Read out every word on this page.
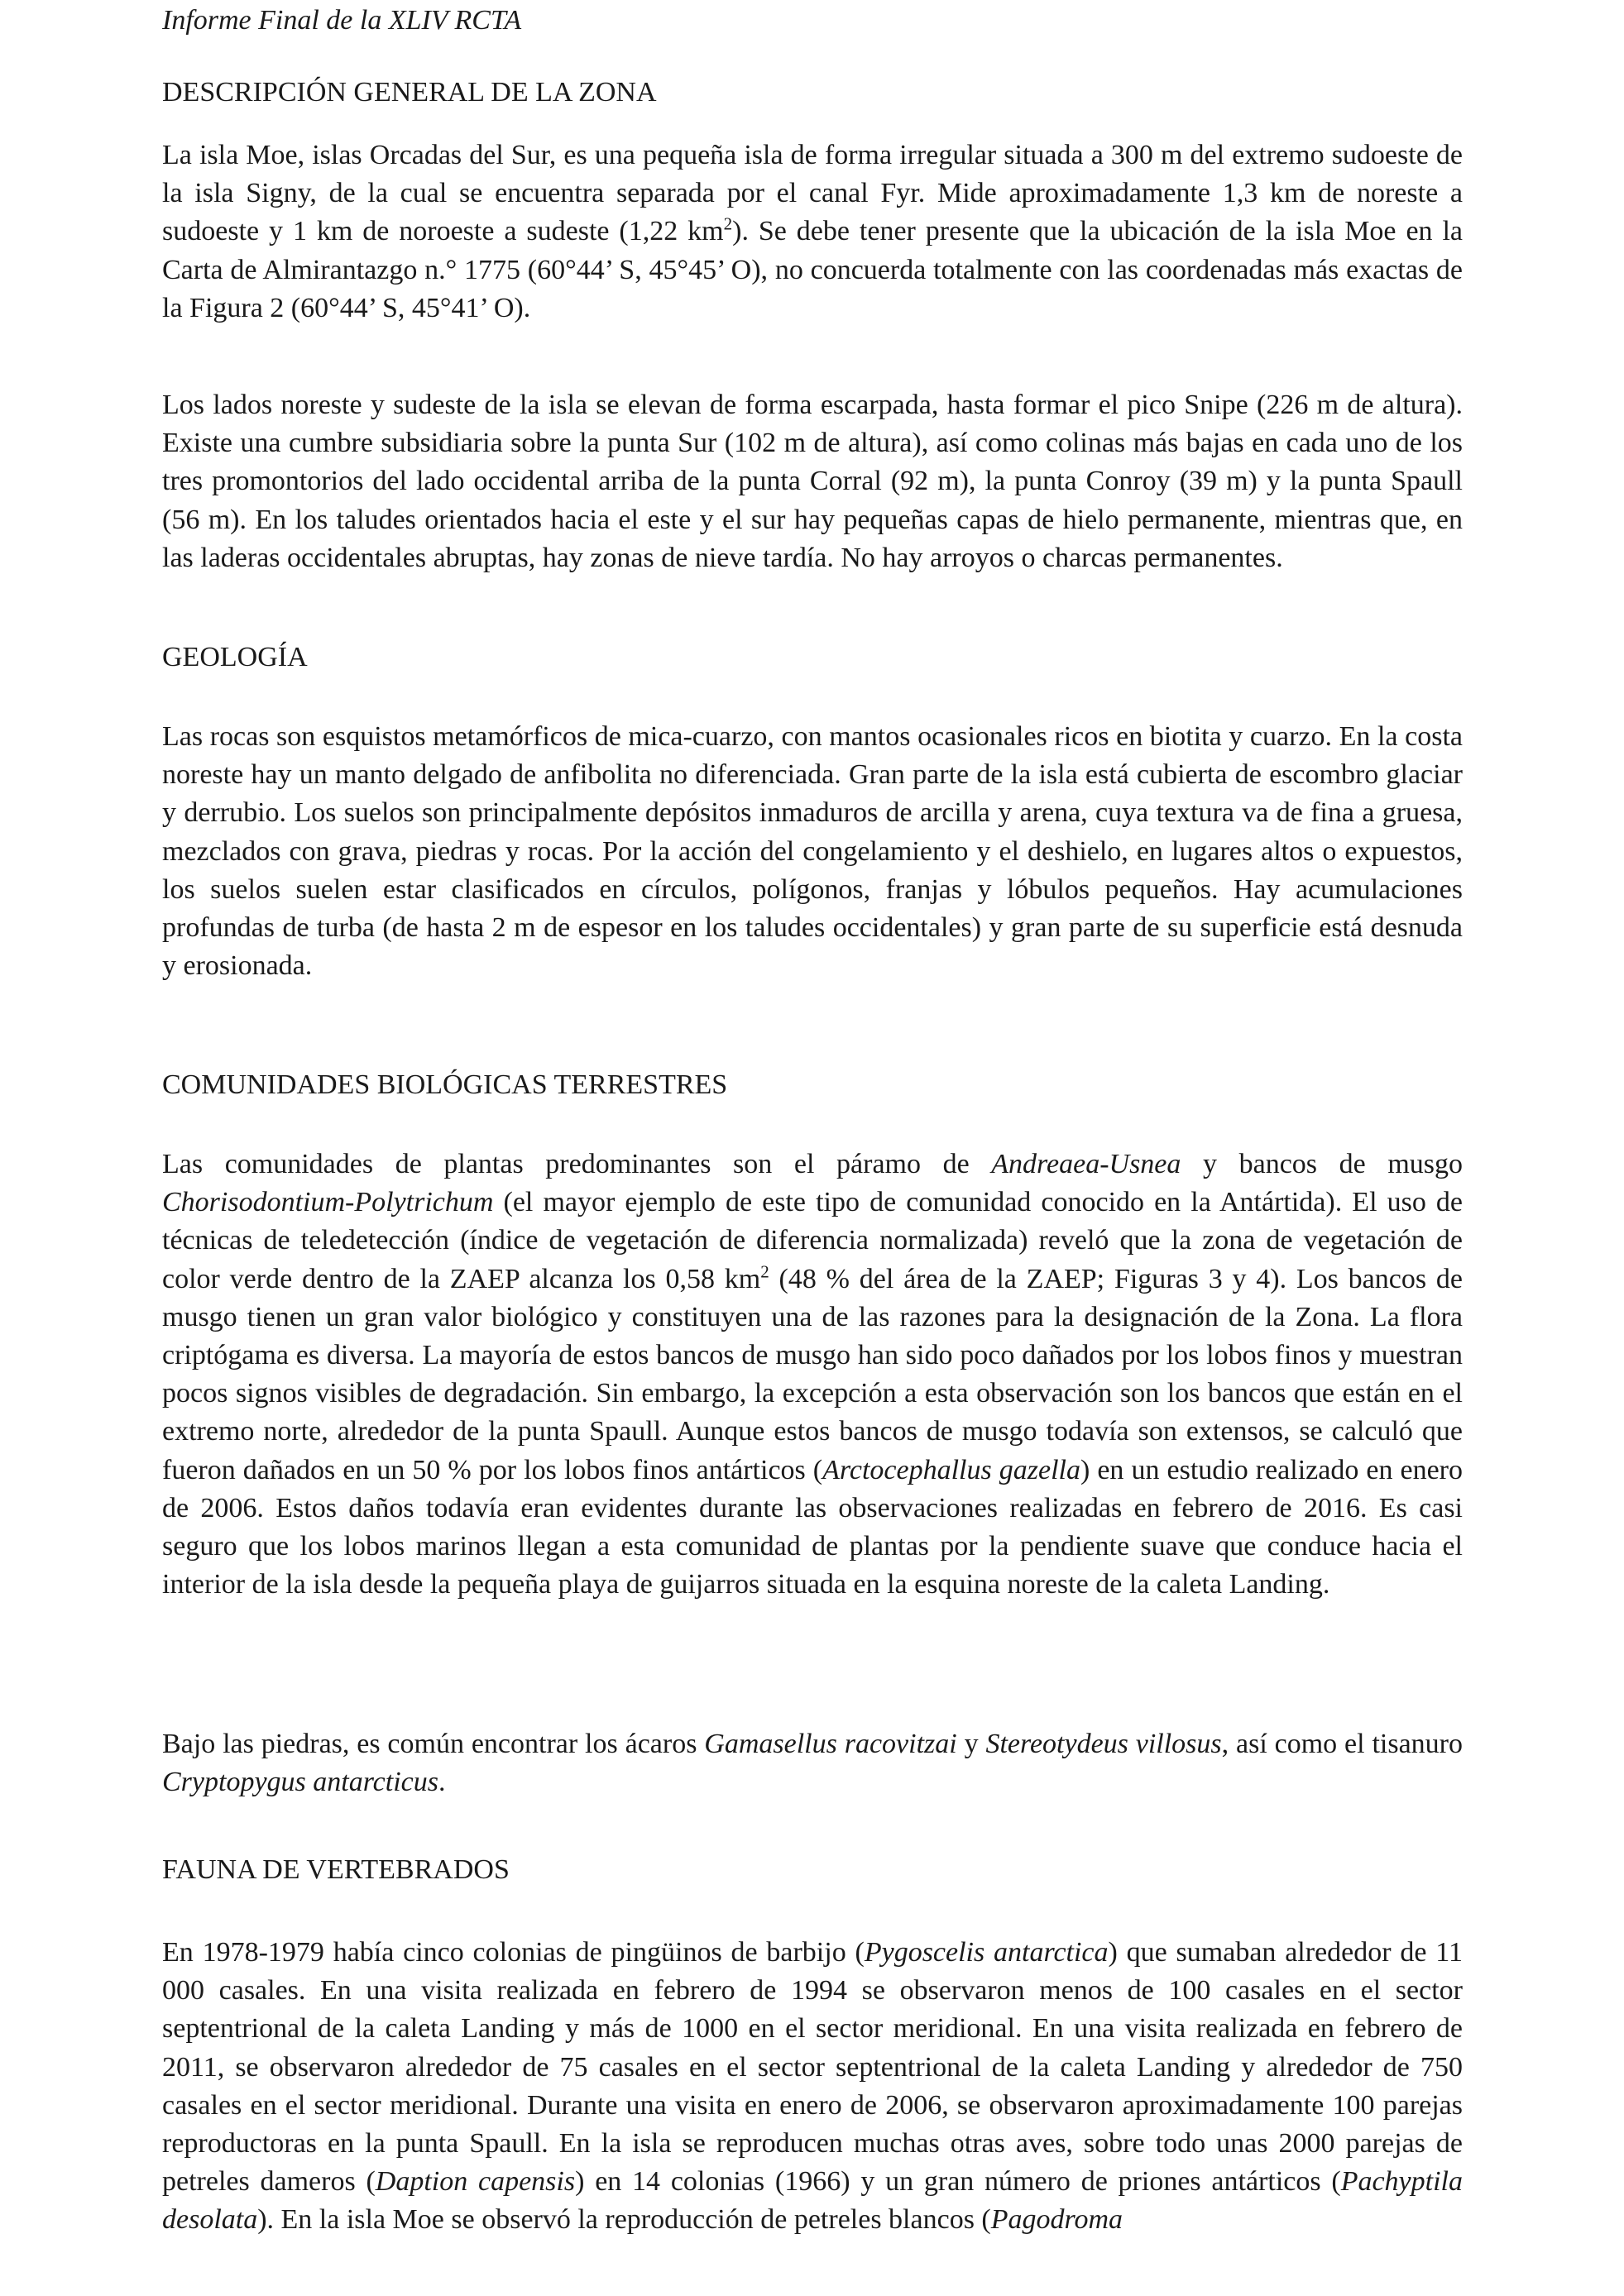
Informe Final de la XLIV RCTA
DESCRIPCIÓN GENERAL DE LA ZONA

La isla Moe, islas Orcadas del Sur, es una pequeña isla de forma irregular situada a 300 m del extremo sudoeste de la isla Signy, de la cual se encuentra separada por el canal Fyr. Mide aproximadamente 1,3 km de noreste a sudoeste y 1 km de noroeste a sudeste (1,22 $km^2$). Se debe tener presente que la ubicación de la isla Moe en la Carta de Almirantazgo n.° 1775 (60°44’ S, 45°45’ O), no concuerda totalmente con las coordenadas más exactas de la Figura 2 (60°44’ S, 45°41’ O).

Los lados noreste y sudeste de la isla se elevan de forma escarpada, hasta formar el pico Snipe (226 m de altura). Existe una cumbre subsidiaria sobre la punta Sur (102 m de altura), así como colinas más bajas en cada uno de los tres promontorios del lado occidental arriba de la punta Corral (92 m), la punta Conroy (39 m) y la punta Spaull (56 m). En los taludes orientados hacia el este y el sur hay pequeñas capas de hielo permanente, mientras que, en las laderas occidentales abruptas, hay zonas de nieve tardía. No hay arroyos o charcas permanentes.

GEOLOGÍA

Las rocas son esquistos metamórficos de mica-cuarzo, con mantos ocasionales ricos en biotita y cuarzo. En la costa noreste hay un manto delgado de anfibolita no diferenciada. Gran parte de la isla está cubierta de escombro glaciar y derrubio. Los suelos son principalmente depósitos inmaduros de arcilla y arena, cuya textura va de fina a gruesa, mezclados con grava, piedras y rocas. Por la acción del congelamiento y el deshielo, en lugares altos o expuestos, los suelos suelen estar clasificados en círculos, polígonos, franjas y lóbulos pequeños. Hay acumulaciones profundas de turba (de hasta 2 m de espesor en los taludes occidentales) y gran parte de su superficie está desnuda y erosionada.

COMUNIDADES BIOLÓGICAS TERRESTRES

Las comunidades de plantas predominantes son el páramo de Andreaea-Usnea y bancos de musgo Chorisodontium-Polytrichum (el mayor ejemplo de este tipo de comunidad conocido en la Antártida). El uso de técnicas de teledetección (índice de vegetación de diferencia normalizada) reveló que la zona de vegetación de color verde dentro de la ZAEP alcanza los 0,58 $km^2$ (48 % del área de la ZAEP; Figuras 3 y 4). Los bancos de musgo tienen un gran valor biológico y constituyen una de las razones para la designación de la Zona. La flora criptógama es diversa. La mayoría de estos bancos de musgo han sido poco dañados por los lobos finos y muestran pocos signos visibles de degradación. Sin embargo, la excepción a esta observación son los bancos que están en el extremo norte, alrededor de la punta Spaull. Aunque estos bancos de musgo todavía son extensos, se calculó que fueron dañados en un 50 % por los lobos finos antárticos (Arctocephallus gazella) en un estudio realizado en enero de 2006. Estos daños todavía eran evidentes durante las observaciones realizadas en febrero de 2016. Es casi seguro que los lobos marinos llegan a esta comunidad de plantas por la pendiente suave que conduce hacia el interior de la isla desde la pequeña playa de guijarros situada en la esquina noreste de la caleta Landing.

Bajo las piedras, es común encontrar los ácaros Gamasellus racovitzai y Stereotydeus villosus, así como el tisanuro Cryptopygus antarcticus.

FAUNA DE VERTEBRADOS

En 1978-1979 había cinco colonias de pingüinos de barbijo (Pygoscelis antarctica) que sumaban alrededor de 11 000 casales. En una visita realizada en febrero de 1994 se observaron menos de 100 casales en el sector septentrional de la caleta Landing y más de 1000 en el sector meridional. En una visita realizada en febrero de 2011, se observaron alrededor de 75 casales en el sector septentrional de la caleta Landing y alrededor de 750 casales en el sector meridional. Durante una visita en enero de 2006, se observaron aproximadamente 100 parejas reproductoras en la punta Spaull. En la isla se reproducen muchas otras aves, sobre todo unas 2000 parejas de petreles dameros (Daption capensis) en 14 colonias (1966) y un gran número de priones antárticos (Pachyptila desolata). En la isla Moe se observó la reproducción de petreles blancos (Pagodroma
